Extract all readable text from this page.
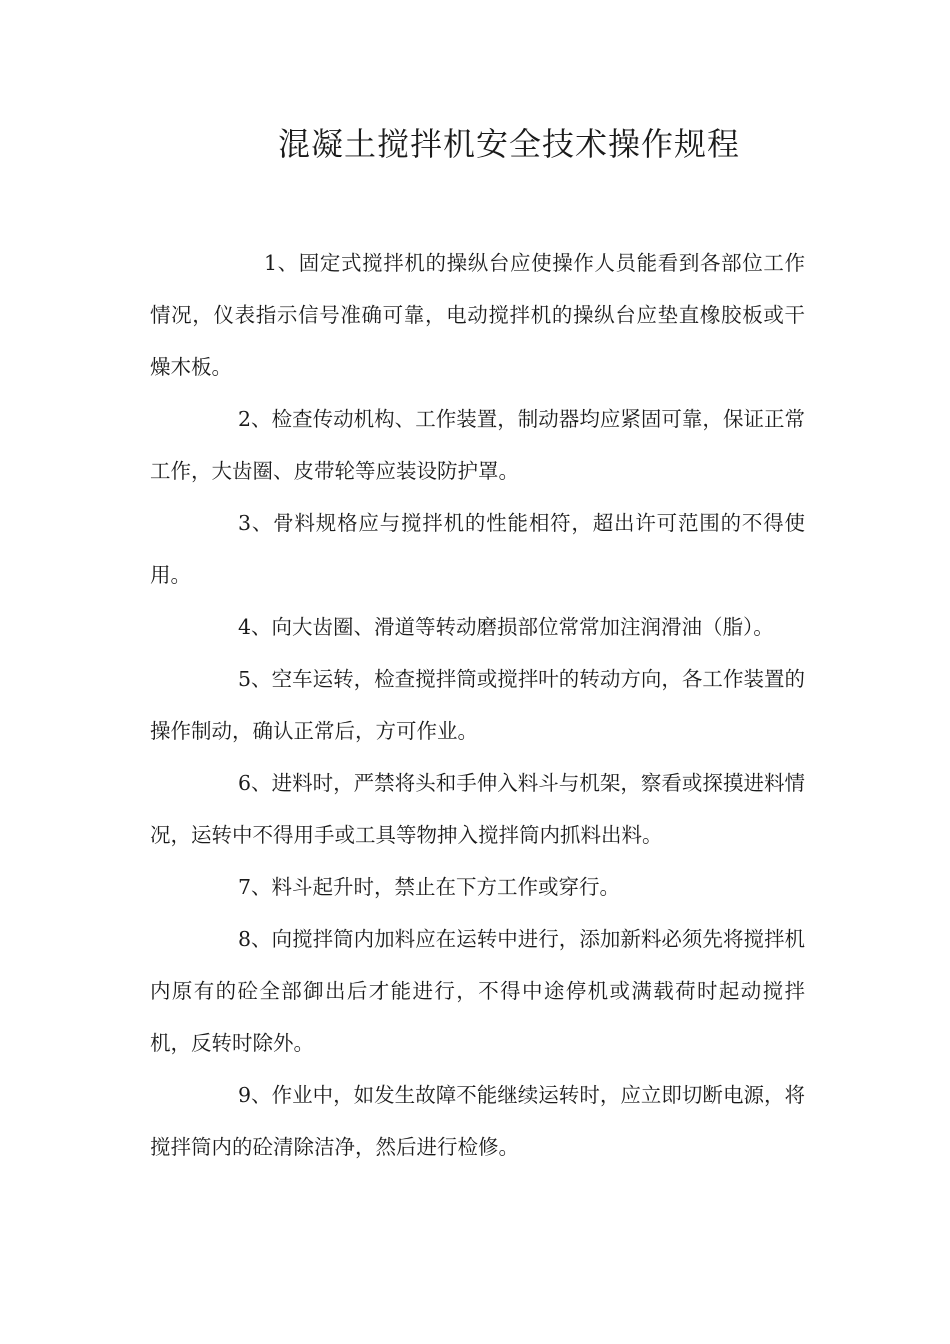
混凝土搅拌机安全技术操作规程

1、固定式搅拌机的操纵台应使操作人员能看到各部位工作情况，仪表指示信号准确可靠，电动搅拌机的操纵台应垫直橡胶板或干燥木板。

2、检查传动机构、工作装置，制动器均应紧固可靠，保证正常工作，大齿圈、皮带轮等应装设防护罩。

3、骨料规格应与搅拌机的性能相符，超出许可范围的不得使用。

4、向大齿圈、滑道等转动磨损部位常常加注润滑油（脂）。

5、空车运转，检查搅拌筒或搅拌叶的转动方向，各工作装置的操作制动，确认正常后，方可作业。

6、进料时，严禁将头和手伸入料斗与机架，察看或探摸进料情况，运转中不得用手或工具等物抻入搅拌筒内抓料出料。

7、料斗起升时，禁止在下方工作或穿行。

8、向搅拌筒内加料应在运转中进行，添加新料必须先将搅拌机内原有的砼全部御出后才能进行，不得中途停机或满载荷时起动搅拌机，反转时除外。

9、作业中，如发生故障不能继续运转时，应立即切断电源，将搅拌筒内的砼清除洁净，然后进行检修。
